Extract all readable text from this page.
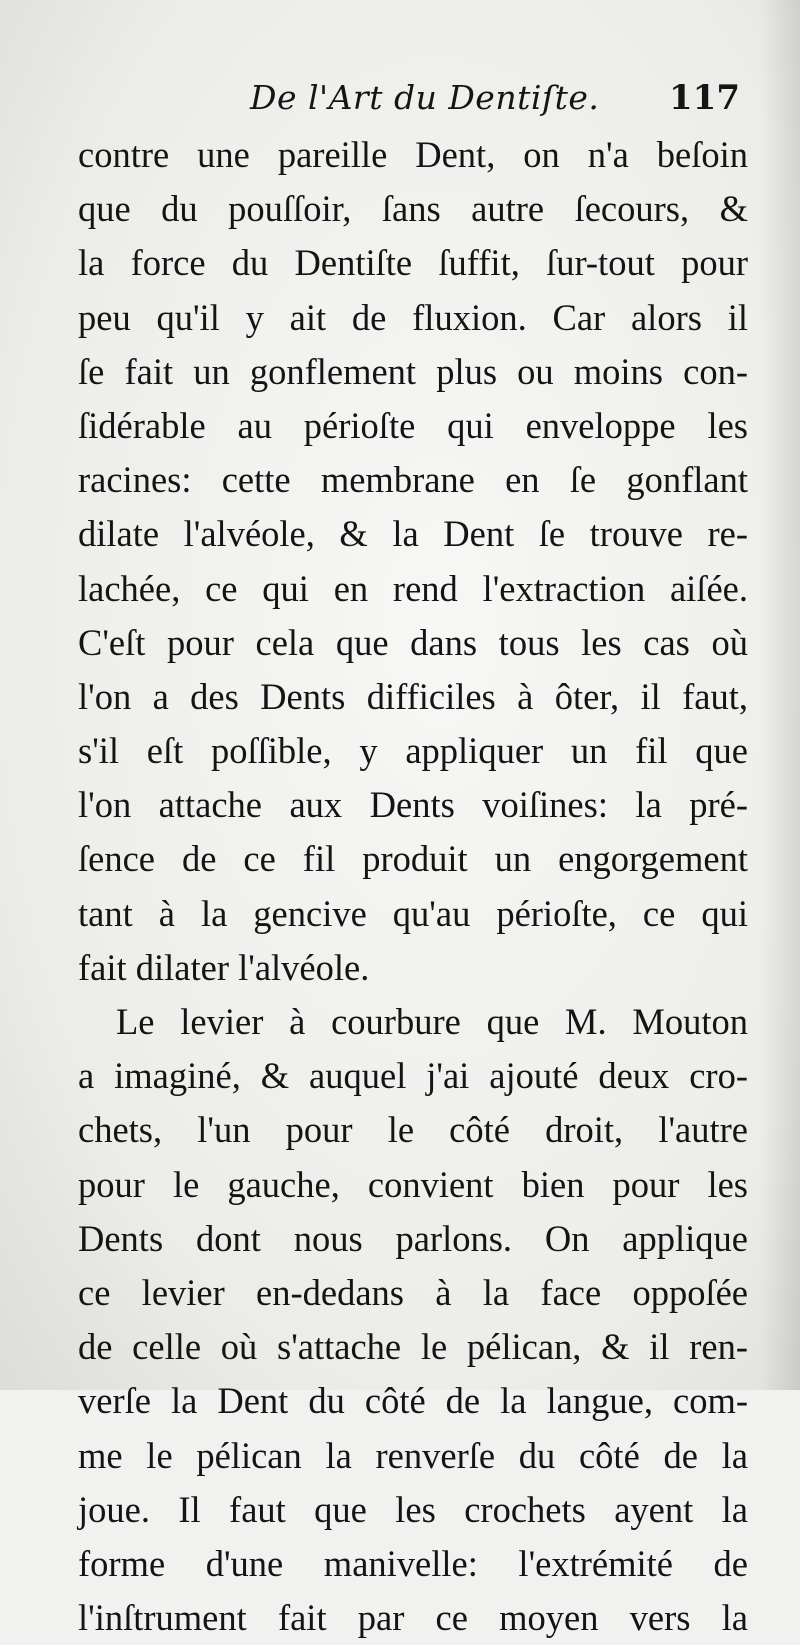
De l'Art du Dentiſte. 117
contre une pareille Dent, on n'a beſoin
que du pouſſoir, ſans autre ſecours, &
la force du Dentiſte ſuffit, ſur-tout pour
peu qu'il y ait de fluxion. Car alors il
ſe fait un gonflement plus ou moins con-
ſidérable au périoſte qui enveloppe les
racines: cette membrane en ſe gonflant
dilate l'alvéole, & la Dent ſe trouve re-
lachée, ce qui en rend l'extraction aiſée.
C'eſt pour cela que dans tous les cas où
l'on a des Dents difficiles à ôter, il faut,
s'il eſt poſſible, y appliquer un fil que
l'on attache aux Dents voiſines: la pré-
ſence de ce fil produit un engorgement
tant à la gencive qu'au périoſte, ce qui
fait dilater l'alvéole.
Le levier à courbure que M. Mouton
a imaginé, & auquel j'ai ajouté deux cro-
chets, l'un pour le côté droit, l'autre
pour le gauche, convient bien pour les
Dents dont nous parlons. On applique
ce levier en-dedans à la face oppoſée
de celle où s'attache le pélican, & il ren-
verſe la Dent du côté de la langue, com-
me le pélican la renverſe du côté de la
joue. Il faut que les crochets ayent la
forme d'une manivelle: l'extrémité de
l'inſtrument fait par ce moyen vers la
